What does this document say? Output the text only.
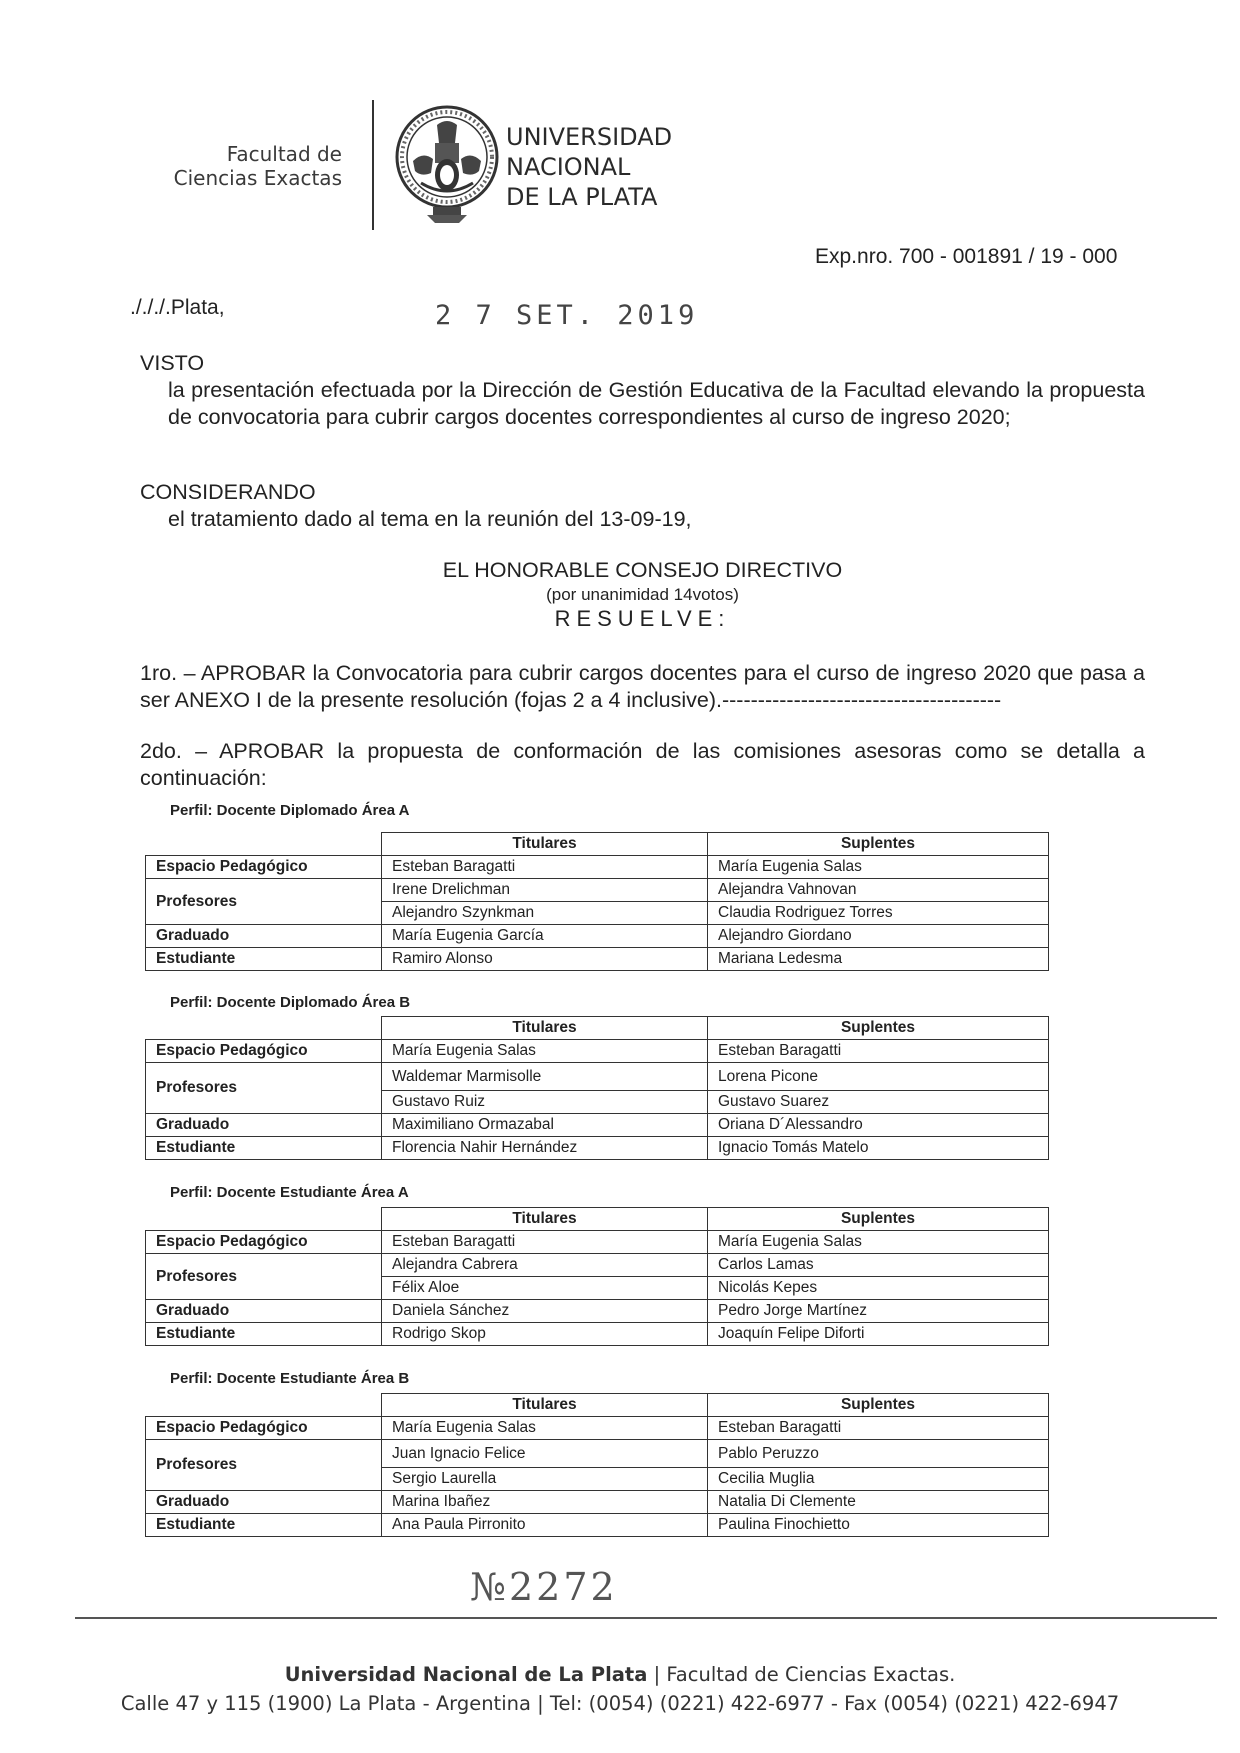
Facultad de
Ciencias Exactas
UNIVERSIDAD
NACIONAL
DE LA PLATA
Exp.nro. 700 - 001891 / 19 - 000
./././.Plata,	2 7 SET. 2019
VISTO
la presentación efectuada por la Dirección de Gestión Educativa de la Facultad elevando la propuesta de convocatoria para cubrir cargos docentes correspondientes al curso de ingreso 2020;
CONSIDERANDO
el tratamiento dado al tema en la reunión del 13-09-19,
EL HONORABLE CONSEJO DIRECTIVO
(por unanimidad 14votos)
RESUELVE:
1ro. – APROBAR la Convocatoria para cubrir cargos docentes para el curso de ingreso 2020 que pasa a ser ANEXO I de la presente resolución (fojas 2 a 4 inclusive).---------------------------------------
2do. – APROBAR la propuesta de conformación de las comisiones asesoras como se detalla a continuación:
Perfil: Docente Diplomado Área A
	Titulares	Suplentes
Espacio Pedagógico	Esteban Baragatti	María Eugenia Salas
Profesores	Irene Drelichman	Alejandra Vahnovan
	Alejandro Szynkman	Claudia Rodriguez Torres
Graduado	María Eugenia García	Alejandro Giordano
Estudiante	Ramiro Alonso	Mariana Ledesma
Perfil: Docente Diplomado Área B
	Titulares	Suplentes
Espacio Pedagógico	María Eugenia Salas	Esteban Baragatti
Profesores	Waldemar Marmisolle	Lorena Picone
	Gustavo Ruiz	Gustavo Suarez
Graduado	Maximiliano Ormazabal	Oriana D´Alessandro
Estudiante	Florencia Nahir Hernández	Ignacio Tomás Matelo
Perfil: Docente Estudiante Área A
	Titulares	Suplentes
Espacio Pedagógico	Esteban Baragatti	María Eugenia Salas
Profesores	Alejandra Cabrera	Carlos Lamas
	Félix Aloe	Nicolás Kepes
Graduado	Daniela Sánchez	Pedro Jorge Martínez
Estudiante	Rodrigo Skop	Joaquín Felipe Diforti
Perfil: Docente Estudiante Área B
	Titulares	Suplentes
Espacio Pedagógico	María Eugenia Salas	Esteban Baragatti
Profesores	Juan Ignacio Felice	Pablo Peruzzo
	Sergio Laurella	Cecilia Muglia
Graduado	Marina Ibañez	Natalia Di Clemente
Estudiante	Ana Paula Pirronito	Paulina Finochietto
№2272
Universidad Nacional de La Plata | Facultad de Ciencias Exactas.
Calle 47 y 115 (1900) La Plata - Argentina | Tel: (0054) (0221) 422-6977 - Fax (0054) (0221) 422-6947
